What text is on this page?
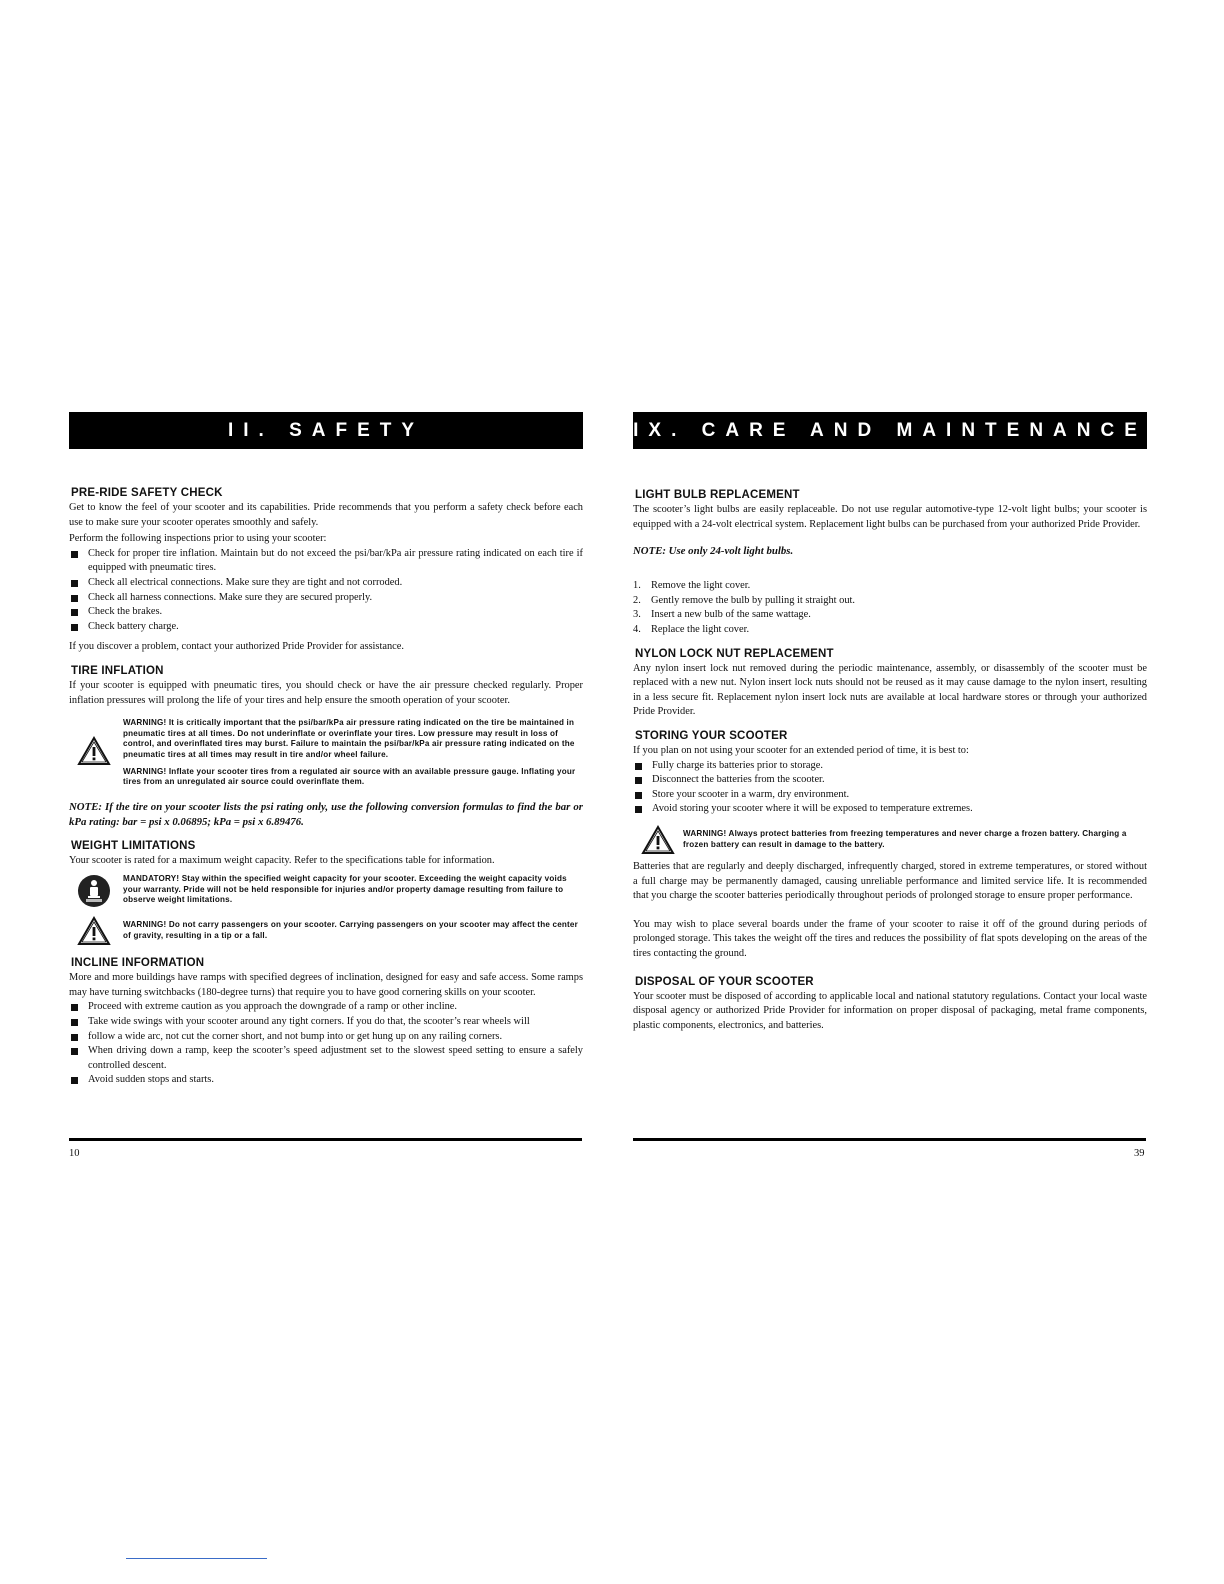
II. SAFETY
PRE-RIDE SAFETY CHECK

Get to know the feel of your scooter and its capabilities. Pride recommends that you perform a safety check before each use to make sure your scooter operates smoothly and safely.

Perform the following inspections prior to using your scooter:

Check for proper tire inflation. Maintain but do not exceed the psi/bar/kPa air pressure rating indicated on each tire if equipped with pneumatic tires.
Check all electrical connections. Make sure they are tight and not corroded.
Check all harness connections. Make sure they are secured properly.
Check the brakes.
Check battery charge.

If you discover a problem, contact your authorized Pride Provider for assistance.

TIRE INFLATION

If your scooter is equipped with pneumatic tires, you should check or have the air pressure checked regularly. Proper inflation pressures will prolong the life of your tires and help ensure the smooth operation of your scooter.

WARNING! It is critically important that the psi/bar/kPa air pressure rating indicated on the tire be maintained in pneumatic tires at all times. Do not underinflate or overinflate your tires. Low pressure may result in loss of control, and overinflated tires may burst. Failure to maintain the psi/bar/kPa air pressure rating indicated on the pneumatic tires at all times may result in tire and/or wheel failure.

WARNING! Inflate your scooter tires from a regulated air source with an available pressure gauge. Inflating your tires from an unregulated air source could overinflate them.

NOTE: If the tire on your scooter lists the psi rating only, use the following conversion formulas to find the bar or kPa rating: bar = psi x 0.06895; kPa = psi x 6.89476.

WEIGHT LIMITATIONS

Your scooter is rated for a maximum weight capacity. Refer to the specifications table for information.

MANDATORY! Stay within the specified weight capacity for your scooter. Exceeding the weight capacity voids your warranty. Pride will not be held responsible for injuries and/or property damage resulting from failure to observe weight limitations.

WARNING! Do not carry passengers on your scooter. Carrying passengers on your scooter may affect the center of gravity, resulting in a tip or a fall.

INCLINE INFORMATION

More and more buildings have ramps with specified degrees of inclination, designed for easy and safe access. Some ramps may have turning switchbacks (180-degree turns) that require you to have good cornering skills on your scooter.

Proceed with extreme caution as you approach the downgrade of a ramp or other incline.
Take wide swings with your scooter around any tight corners. If you do that, the scooter’s rear wheels will
follow a wide arc, not cut the corner short, and not bump into or get hung up on any railing corners.
When driving down a ramp, keep the scooter’s speed adjustment set to the slowest speed setting to ensure a safely controlled descent.
Avoid sudden stops and starts.
10
IX. CARE AND MAINTENANCE
LIGHT BULB REPLACEMENT

The scooter’s light bulbs are easily replaceable. Do not use regular automotive-type 12-volt light bulbs; your scooter is equipped with a 24-volt electrical system. Replacement light bulbs can be purchased from your authorized Pride Provider.

NOTE: Use only 24-volt light bulbs.

1. Remove the light cover.
2. Gently remove the bulb by pulling it straight out.
3. Insert a new bulb of the same wattage.
4. Replace the light cover.
NYLON LOCK NUT REPLACEMENT

Any nylon insert lock nut removed during the periodic maintenance, assembly, or disassembly of the scooter must be replaced with a new nut. Nylon insert lock nuts should not be reused as it may cause damage to the nylon insert, resulting in a less secure fit. Replacement nylon insert lock nuts are available at local hardware stores or through your authorized Pride Provider.

STORING YOUR SCOOTER

If you plan on not using your scooter for an extended period of time, it is best to:

Fully charge its batteries prior to storage.
Disconnect the batteries from the scooter.
Store your scooter in a warm, dry environment.
Avoid storing your scooter where it will be exposed to temperature extremes.

WARNING! Always protect batteries from freezing temperatures and never charge a frozen battery. Charging a frozen battery can result in damage to the battery.

Batteries that are regularly and deeply discharged, infrequently charged, stored in extreme temperatures, or stored without a full charge may be permanently damaged, causing unreliable performance and limited service life. It is recommended that you charge the scooter batteries periodically throughout periods of prolonged storage to ensure proper performance.

You may wish to place several boards under the frame of your scooter to raise it off of the ground during periods of prolonged storage. This takes the weight off the tires and reduces the possibility of flat spots developing on the areas of the tires contacting the ground.

DISPOSAL OF YOUR SCOOTER

Your scooter must be disposed of according to applicable local and national statutory regulations. Contact your local waste disposal agency or authorized Pride Provider for information on proper disposal of packaging, metal frame components, plastic components, electronics, and batteries.

39
